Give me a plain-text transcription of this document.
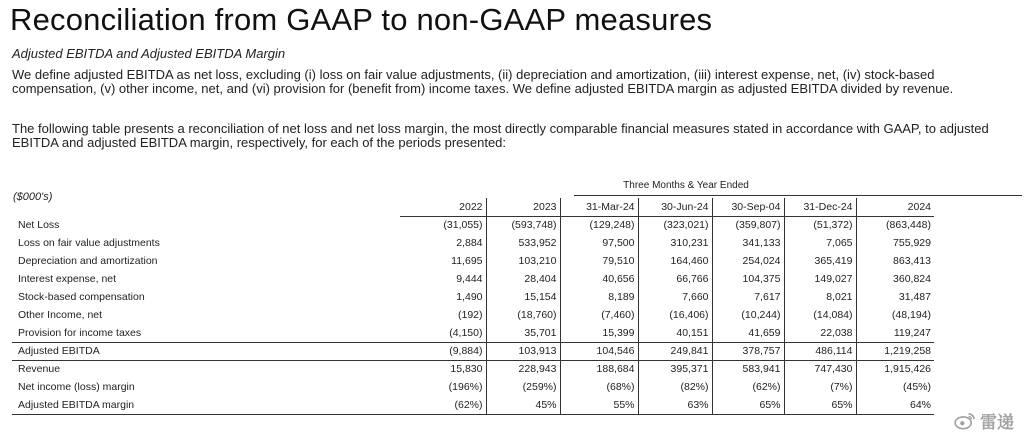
Reconciliation from GAAP to non-GAAP measures
Adjusted EBITDA and Adjusted EBITDA Margin
We define adjusted EBITDA as net loss, excluding (i) loss on fair value adjustments, (ii) depreciation and amortization, (iii) interest expense, net, (iv) stock-based compensation, (v) other income, net, and (vi) provision for (benefit from) income taxes. We define adjusted EBITDA margin as adjusted EBITDA divided by revenue.
The following table presents a reconciliation of net loss and net loss margin, the most directly comparable financial measures stated in accordance with GAAP, to adjusted EBITDA and adjusted EBITDA margin, respectively, for each of the periods presented:
($000's)
Three Months & Year Ended
	2022	2023	31-Mar-24	30-Jun-24	30-Sep-04	31-Dec-24	2024
Net Loss	(31,055)	(593,748)	(129,248)	(323,021)	(359,807)	(51,372)	(863,448)
Loss on fair value adjustments	2,884	533,952	97,500	310,231	341,133	7,065	755,929
Depreciation and amortization	11,695	103,210	79,510	164,460	254,024	365,419	863,413
Interest expense, net	9,444	28,404	40,656	66,766	104,375	149,027	360,824
Stock-based compensation	1,490	15,154	8,189	7,660	7,617	8,021	31,487
Other Income, net	(192)	(18,760)	(7,460)	(16,406)	(10,244)	(14,084)	(48,194)
Provision for income taxes	(4,150)	35,701	15,399	40,151	41,659	22,038	119,247
Adjusted EBITDA	(9,884)	103,913	104,546	249,841	378,757	486,114	1,219,258
Revenue	15,830	228,943	188,684	395,371	583,941	747,430	1,915,426
Net income (loss) margin	(196%)	(259%)	(68%)	(82%)	(62%)	(7%)	(45%)
Adjusted EBITDA margin	(62%)	45%	55%	63%	65%	65%	64%
雷递
